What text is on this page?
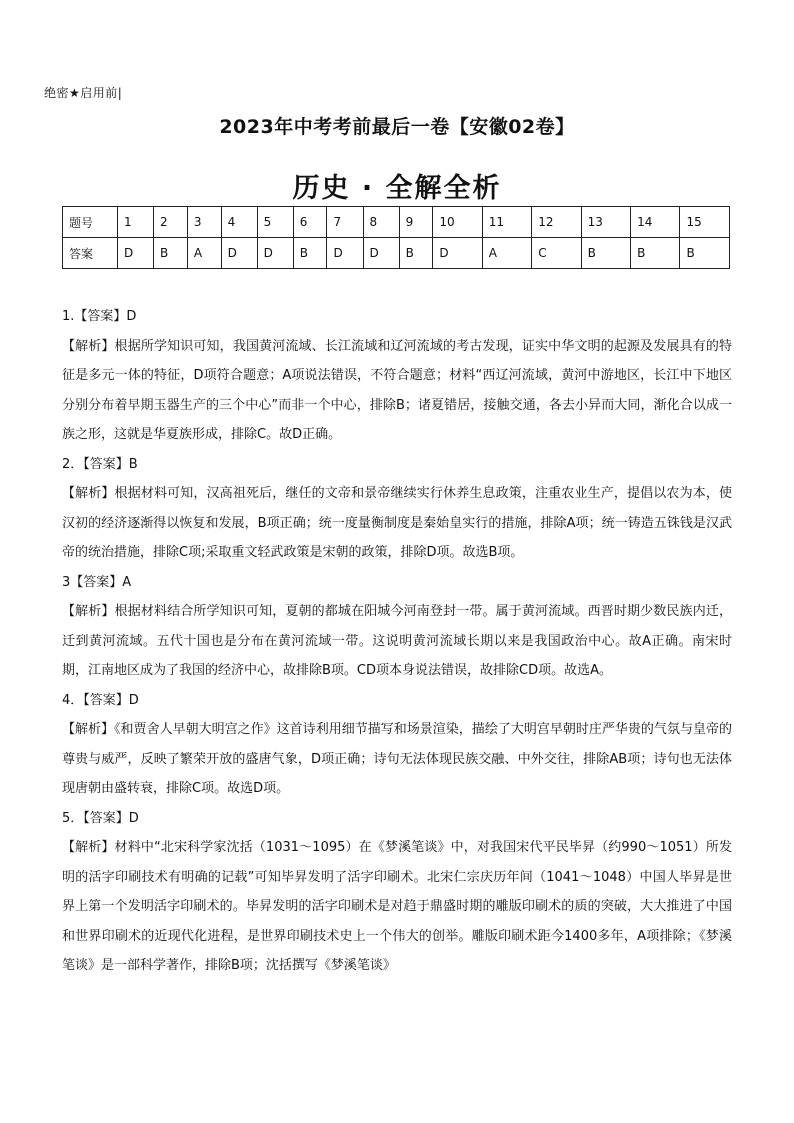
绝密★启用前|
2023年中考考前最后一卷【安徽02卷】
历史 · 全解全析
题号	1	2	3	4	5	6	7	8	9	10	11	12	13	14	15
答案	D	B	A	D	D	B	D	D	B	D	A	C	B	B	B

1.【答案】D

【解析】根据所学知识可知，我国黄河流域、长江流域和辽河流域的考古发现，证实中华文明的起源及发展具有的特征是多元一体的特征，D项符合题意；A项说法错误，不符合题意；材料“西辽河流域，黄河中游地区，长江中下地区分别分布着早期玉器生产的三个中心”而非一个中心，排除B；诸夏错居，接触交通，各去小异而大同，渐化合以成一族之形，这就是华夏族形成，排除C。故D正确。

2．【答案】B

【解析】根据材料可知，汉高祖死后，继任的文帝和景帝继续实行休养生息政策，注重农业生产，提倡以农为本，使汉初的经济逐渐得以恢复和发展，B项正确；统一度量衡制度是秦始皇实行的措施，排除A项；统一铸造五铢钱是汉武帝的统治措施，排除C项;采取重文轻武政策是宋朝的政策，排除D项。故选B项。

3【答案】A

【解析】根据材料结合所学知识可知，夏朝的都城在阳城今河南登封一带。属于黄河流域。西晋时期少数民族内迁，迁到黄河流域。五代十国也是分布在黄河流域一带。这说明黄河流域长期以来是我国政治中心。故A正确。南宋时期，江南地区成为了我国的经济中心，故排除B项。CD项本身说法错误，故排除CD项。故选A。

4．【答案】D

【解析】《和贾舍人早朝大明宫之作》这首诗利用细节描写和场景渲染，描绘了大明宫早朝时庄严华贵的气氛与皇帝的尊贵与威严，反映了繁荣开放的盛唐气象，D项正确；诗句无法体现民族交融、中外交往，排除AB项；诗句也无法体现唐朝由盛转衰，排除C项。故选D项。

5．【答案】D

【解析】材料中“北宋科学家沈括（1031～1095）在《梦溪笔谈》中，对我国宋代平民毕昇（约990～1051）所发明的活字印刷技术有明确的记载”可知毕昇发明了活字印刷术。北宋仁宗庆历年间（1041～1048）中国人毕昇是世界上第一个发明活字印刷术的。毕昇发明的活字印刷术是对趋于鼎盛时期的雕版印刷术的质的突破，大大推进了中国和世界印刷术的近现代化进程，是世界印刷技术史上一个伟大的创举。雕版印刷术距今1400多年，A项排除；《梦溪笔谈》是一部科学著作，排除B项；沈括撰写《梦溪笔谈》
